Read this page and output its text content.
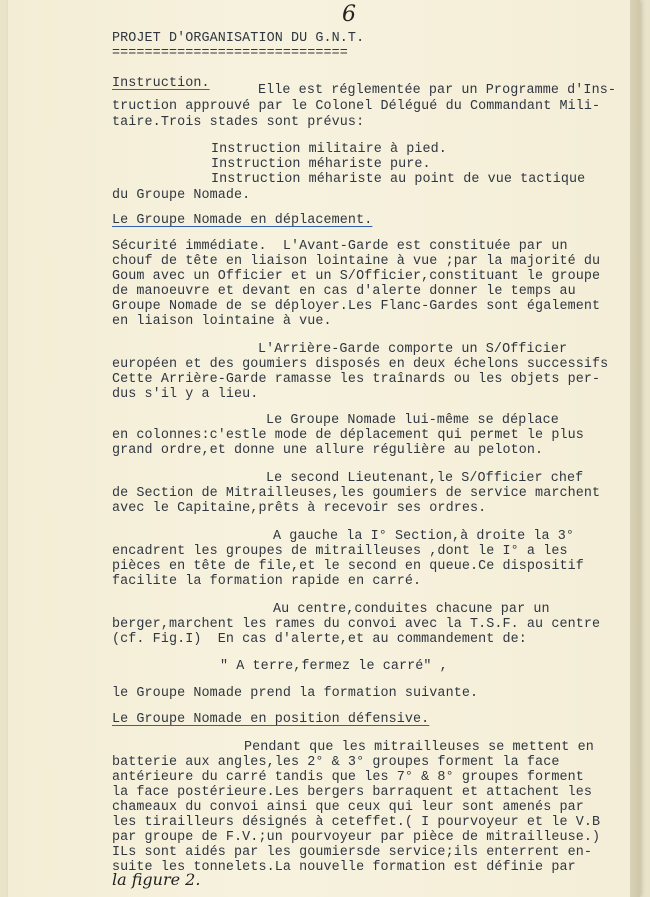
6
PROJET D'ORGANISATION DU G.N.T.
=============================
Instruction.	Elle est réglementée par un Programme d'Ins-
truction approuvé par le Colonel Délégué du Commandant Mili-
taire.Trois stades sont prévus:
Instruction militaire à pied.
Instruction méhariste pure.
Instruction méhariste au point de vue tactique
du Groupe Nomade.
Le Groupe Nomade en déplacement.
Sécurité immédiate.  L'Avant-Garde est constituée par un
chouf de tête en liaison lointaine à vue ;par la majorité du
Goum avec un Officier et un S/Officier,constituant le groupe
de manoeuvre et devant en cas d'alerte donner le temps au
Groupe Nomade de se déployer.Les Flanc-Gardes sont également
en liaison lointaine à vue.
L'Arrière-Garde comporte un S/Officier
européen et des goumiers disposés en deux échelons successifs
Cette Arrière-Garde ramasse les traînards ou les objets per-
dus s'il y a lieu.
Le Groupe Nomade lui-même se déplace
en colonnes:c'estle mode de déplacement qui permet le plus
grand ordre,et donne une allure régulière au peloton.
Le second Lieutenant,le S/Officier chef
de Section de Mitrailleuses,les goumiers de service marchent
avec le Capitaine,prêts à recevoir ses ordres.
A gauche la I° Section,à droite la 3°
encadrent les groupes de mitrailleuses ,dont le I° a les
pièces en tête de file,et le second en queue.Ce dispositif
facilite la formation rapide en carré.
Au centre,conduites chacune par un
berger,marchent les rames du convoi avec la T.S.F. au centre
(cf. Fig.I)  En cas d'alerte,et au commandement de:
" A terre,fermez le carré" ,
le Groupe Nomade prend la formation suivante.
Le Groupe Nomade en position défensive.
Pendant que les mitrailleuses se mettent en
batterie aux angles,les 2° & 3° groupes forment la face
antérieure du carré tandis que les 7° & 8° groupes forment
la face postérieure.Les bergers barraquent et attachent les
chameaux du convoi ainsi que ceux qui leur sont amenés par
les tirailleurs désignés à ceteffet.( I pourvoyeur et le V.B
par groupe de F.V.;un pourvoyeur par pièce de mitrailleuse.)
ILs sont aidés par les goumiersde service;ils enterrent en-
suite les tonnelets.La nouvelle formation est définie par
la figure 2.
